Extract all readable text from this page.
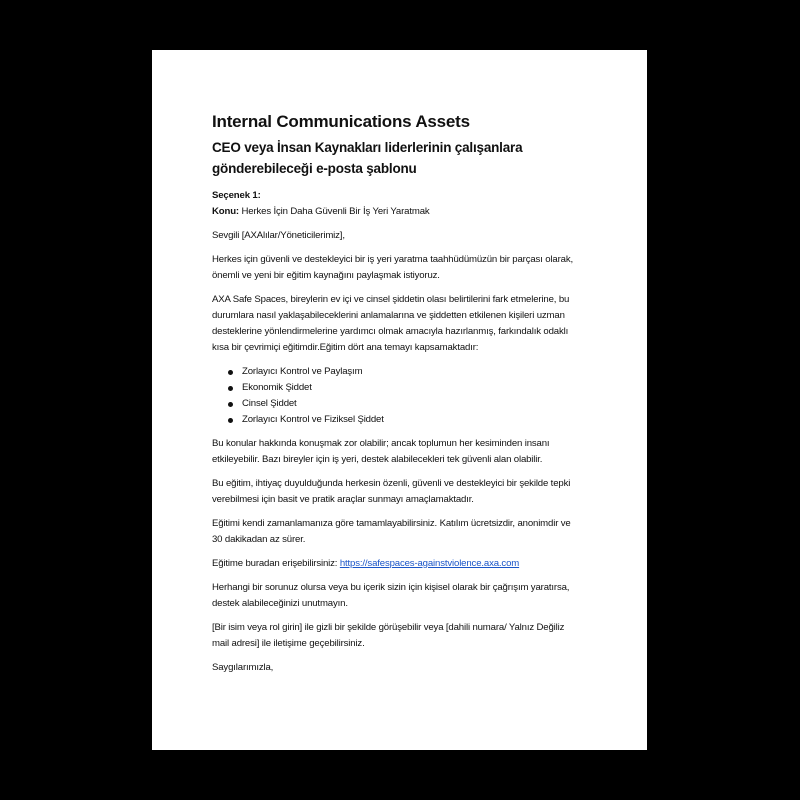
Internal Communications Assets
CEO veya İnsan Kaynakları liderlerinin çalışanlara
gönderebileceği e-posta şablonu
Seçenek 1:
Konu: Herkes İçin Daha Güvenli Bir İş Yeri Yaratmak
Sevgili [AXAlılar/Yöneticilerimiz],
Herkes için güvenli ve destekleyici bir iş yeri yaratma taahhüdümüzün bir parçası olarak,
önemli ve yeni bir eğitim kaynağını paylaşmak istiyoruz.
AXA Safe Spaces, bireylerin ev içi ve cinsel şiddetin olası belirtilerini fark etmelerine, bu
durumlara nasıl yaklaşabileceklerini anlamalarına ve şiddetten etkilenen kişileri uzman
desteklerine yönlendirmelerine yardımcı olmak amacıyla hazırlanmış, farkındalık odaklı
kısa bir çevrimiçi eğitimdir.Eğitim dört ana temayı kapsamaktadır:
Zorlayıcı Kontrol ve Paylaşım
Ekonomik Şiddet
Cinsel Şiddet
Zorlayıcı Kontrol ve Fiziksel Şiddet
Bu konular hakkında konuşmak zor olabilir; ancak toplumun her kesiminden insanı
etkileyebilir. Bazı bireyler için iş yeri, destek alabilecekleri tek güvenli alan olabilir.
Bu eğitim, ihtiyaç duyulduğunda herkesin özenli, güvenli ve destekleyici bir şekilde tepki
verebilmesi için basit ve pratik araçlar sunmayı amaçlamaktadır.
Eğitimi kendi zamanlamanıza göre tamamlayabilirsiniz. Katılım ücretsizdir, anonimdir ve
30 dakikadan az sürer.
Eğitime buradan erişebilirsiniz: https://safespaces-againstviolence.axa.com
Herhangi bir sorunuz olursa veya bu içerik sizin için kişisel olarak bir çağrışım yaratırsa,
destek alabileceğinizi unutmayın.
[Bir isim veya rol girin] ile gizli bir şekilde görüşebilir veya [dahili numara/ Yalnız Değiliz
mail adresi] ile iletişime geçebilirsiniz.
Saygılarımızla,
